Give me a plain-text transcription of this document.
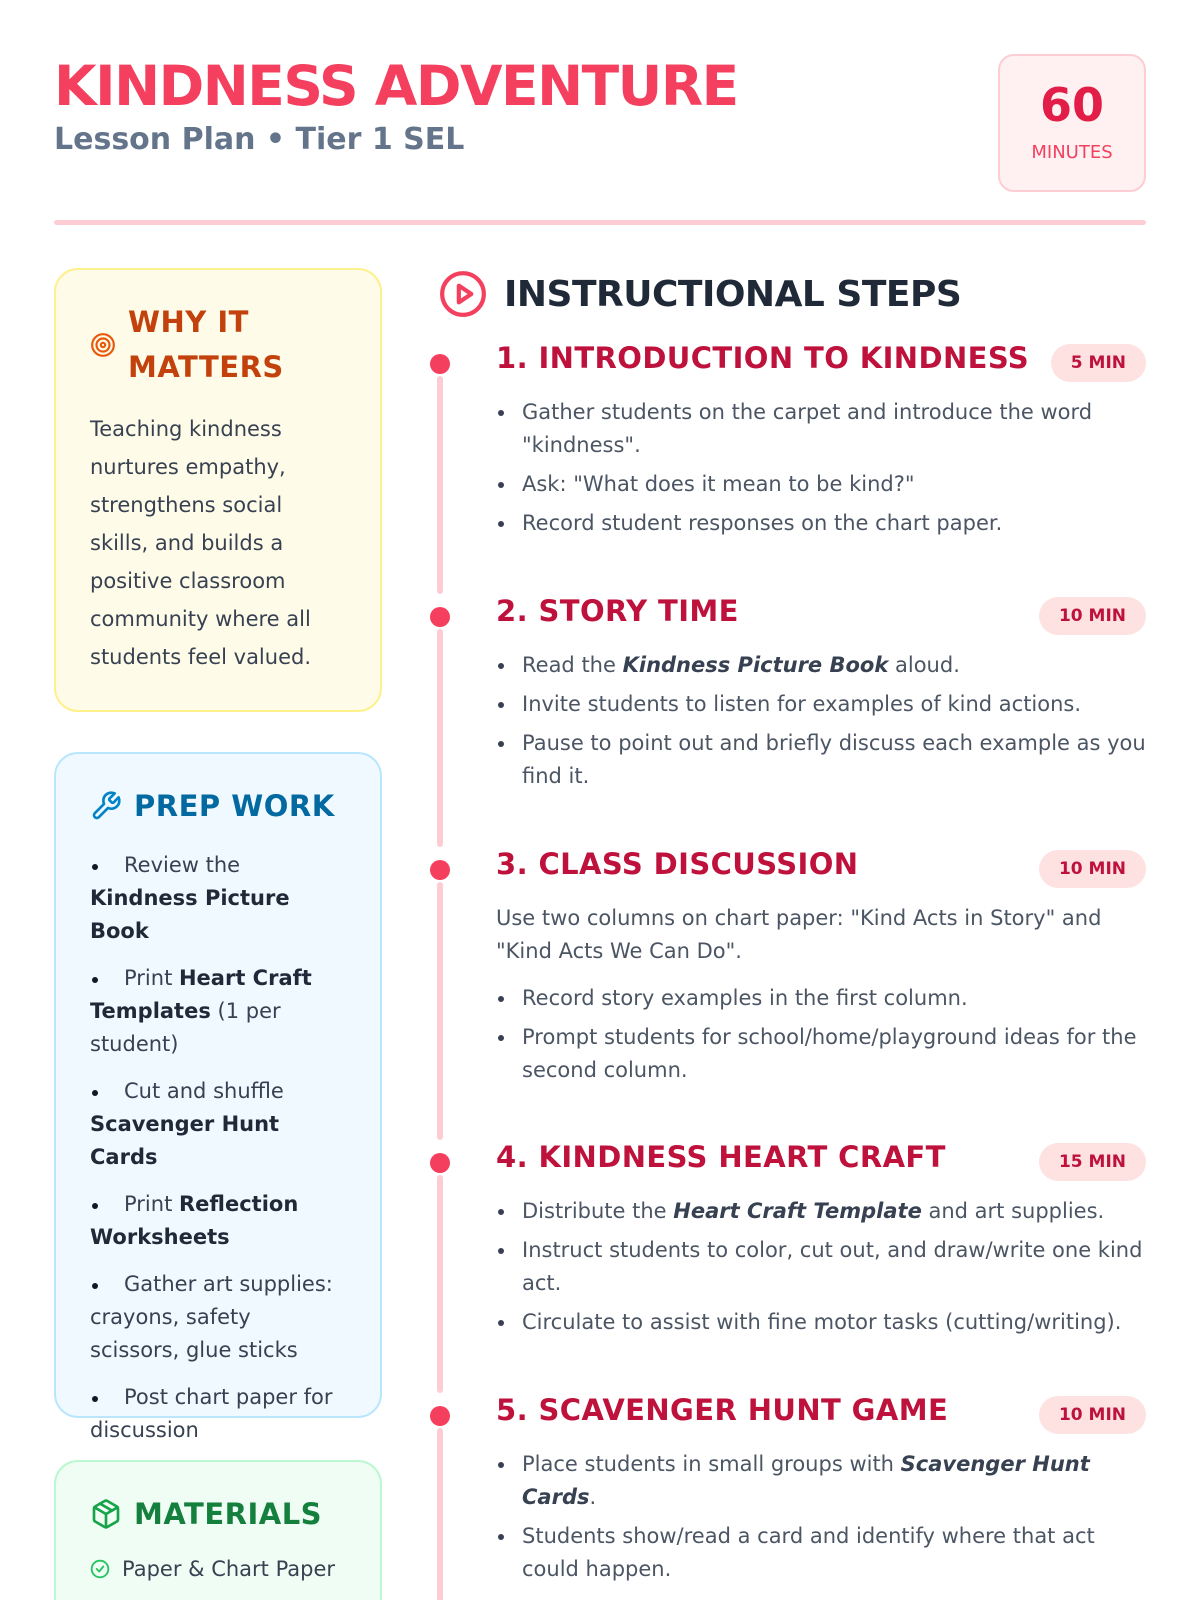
KINDNESS ADVENTURE
Lesson Plan • Tier 1 SEL
60
MINUTES
WHY IT
MATTERS

Teaching kindness nurtures empathy, strengthens social skills, and builds a positive classroom community where all students feel valued.

PREP WORK
Review the Kindness Picture Book
Print Heart Craft Templates (1 per student)
Cut and shuffle Scavenger Hunt Cards
Print Reflection Worksheets
Gather art supplies: crayons, safety scissors, glue sticks
Post chart paper for discussion
MATERIALS
Paper & Chart Paper
INSTRUCTIONAL STEPS
1. INTRODUCTION TO KINDNESS	5 MIN
Gather students on the carpet and introduce the word "kindness".
Ask: "What does it mean to be kind?"
Record student responses on the chart paper.
2. STORY TIME	10 MIN
Read the Kindness Picture Book aloud.
Invite students to listen for examples of kind actions.
Pause to point out and briefly discuss each example as you find it.
3. CLASS DISCUSSION	10 MIN

Use two columns on chart paper: "Kind Acts in Story" and "Kind Acts We Can Do".

Record story examples in the first column.
Prompt students for school/home/playground ideas for the second column.
4. KINDNESS HEART CRAFT	15 MIN
Distribute the Heart Craft Template and art supplies.
Instruct students to color, cut out, and draw/write one kind act.
Circulate to assist with fine motor tasks (cutting/writing).
5. SCAVENGER HUNT GAME	10 MIN
Place students in small groups with Scavenger Hunt Cards.
Students show/read a card and identify where that act could happen.
